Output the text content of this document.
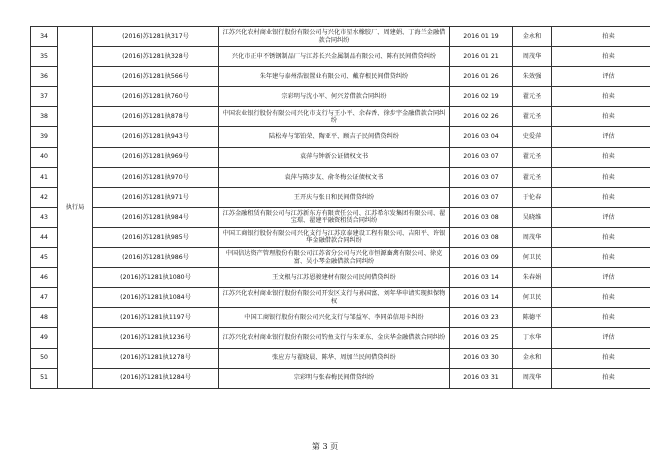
34	执行局	(2016)苏1281执317号	江苏兴化农村商业银行股份有限公司与兴化市星水橡胶厂、周建娟、丁海兰金融借款合同纠纷	2016 01 19	金永和	拍卖
35		(2016)苏1281执328号	兴化市正申不锈钢制品厂与江苏长兴金属制品有限公司、陈有民间借贷纠纷	2016 01 21	周茂华	拍卖
36		(2016)苏1281执566号	朱年建与泰州浩银置业有限公司、戴存根民间借贷纠纷	2016 01 26	朱效强	评估
37		(2016)苏1281执760号	宗彩明与沈小军、何兴芳借款合同纠纷	2016 02 19	翟元圣	拍卖
38		(2016)苏1281执878号	中国农业银行股份有限公司兴化市支行与王小平、余春香、徐步宇金融借款合同纠纷	2016 02 26	翟元圣	拍卖
39		(2016)苏1281执943号	陆松寿与邹铂荣、陶亚平、顾吉子民间借贷纠纷	2016 03 04	史爱萍	评估
40		(2016)苏1281执969号	袁萍与钟新公证债权文书	2016 03 07	翟元圣	拍卖
41		(2016)苏1281执970号	袁萍与陈步友、俞冬梅公证债权文书	2016 03 07	翟元圣	拍卖
42		(2016)苏1281执971号	王开庆与张日和民间借贷纠纷	2016 03 07	于伦春	拍卖
43		(2016)苏1281执984号	江苏金融租赁有限公司与江苏新东方有限责任公司、江苏希尔发集团有限公司、翟宝璟、翟建平融资租赁合同纠纷	2016 03 08	吴晓维	评估
44		(2016)苏1281执985号	中国工商银行股份有限公司兴化支行与江苏京泰建设工程有限公司、吉阳平、许银华金融借款合同纠纷	2016 03 08	周茂华	拍卖
45		(2016)苏1281执986号	中国信达资产管理股份有限公司江苏省分公司与兴化市恒源畜禽有限公司、徐克富、吴小琴金融借款合同纠纷	2016 03 09	何卫民	拍卖
46		(2016)苏1281执1080号	王文根与江苏恩骏建材有限公司民间借贷纠纷	2016 03 14	朱春娟	评估
47		(2016)苏1281执1084号	江苏兴化农村商业银行股份有限公司开发区支行与孙国富、刘年华申请实现担保物权	2016 03 14	何卫民	拍卖
48		(2016)苏1281执1197号	中国工商银行股份有限公司兴化支行与邹益军、李同弟信用卡纠纷	2016 03 23	陈德平	拍卖
49		(2016)苏1281执1236号	江苏兴化农村商业银行股份有限公司钓鱼支行与朱亚东、金庆华金融借款合同纠纷	2016 03 25	丁水华	评估
50		(2016)苏1281执1278号	张应方与翟晓晨、陈华、周加兰民间借贷纠纷	2016 03 30	金永和	拍卖
51		(2016)苏1281执1284号	宗彩明与张春梅民间借贷纠纷	2016 03 31	周茂华	拍卖
第 3 页
